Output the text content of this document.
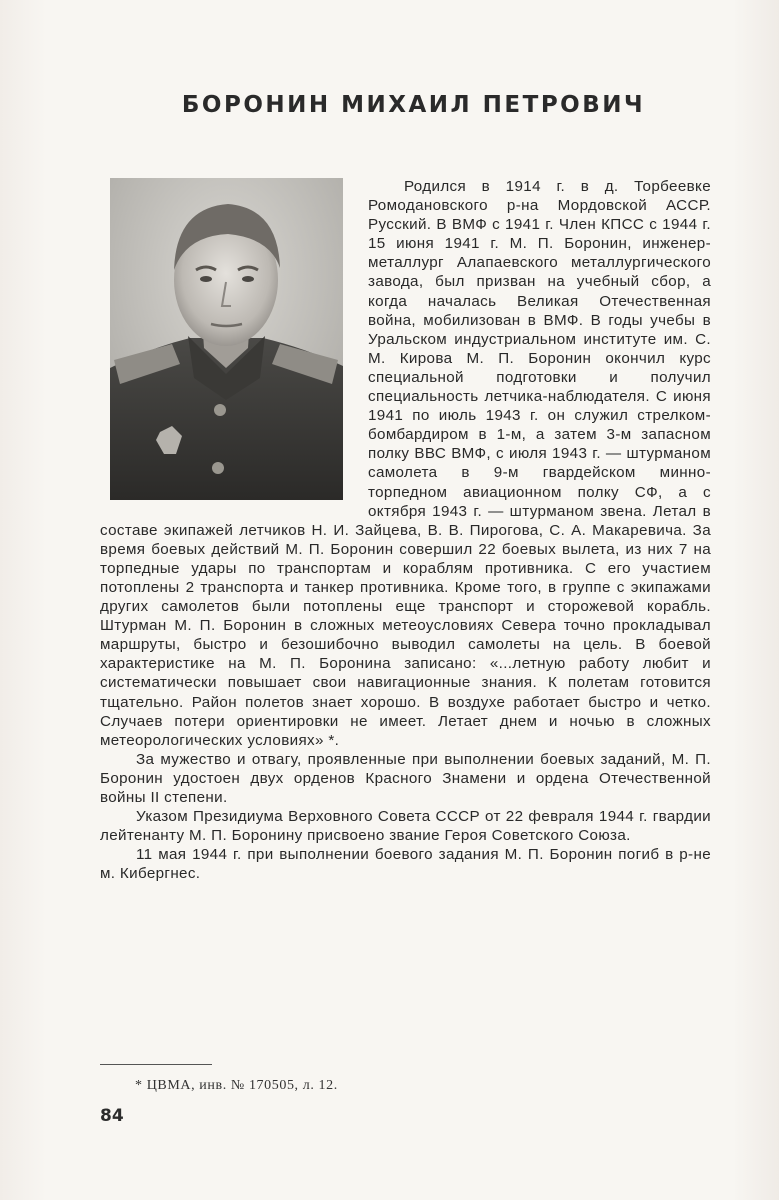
БОРОНИН МИХАИЛ ПЕТРОВИЧ

Родился в 1914 г. в д. Торбеевке Ромодановского р-на Мордовской АССР. Русский. В ВМФ с 1941 г. Член КПСС с 1944 г. 15 июня 1941 г. М. П. Боронин, инженер-металлург Алапаевского металлургического завода, был призван на учебный сбор, а когда началась Великая Отечественная война, мобилизован в ВМФ. В годы учебы в Уральском индустриальном институте им. С. М. Кирова М. П. Боронин окончил курс специальной подготовки и получил специальность летчика-наблюдателя. С июня 1941 по июль 1943 г. он служил стрелком-бомбардиром в 1-м, а затем 3-м запасном полку ВВС ВМФ, с июля 1943 г. — штурманом самолета в 9-м гвардейском минно-торпедном авиационном полку СФ, а с октября 1943 г. — штурманом звена. Летал в составе экипажей летчиков Н. И. Зайцева, В. В. Пирогова, С. А. Макаревича. За время боевых действий М. П. Боронин совершил 22 боевых вылета, из них 7 на торпедные удары по транспортам и кораблям противника. С его участием потоплены 2 транспорта и танкер противника. Кроме того, в группе с экипажами других самолетов были потоплены еще транспорт и сторожевой корабль. Штурман М. П. Боронин в сложных метеоусловиях Севера точно прокладывал маршруты, быстро и безошибочно выводил самолеты на цель. В боевой характеристике на М. П. Боронина записано: «...летную работу любит и систематически повышает свои навигационные знания. К полетам готовится тщательно. Район полетов знает хорошо. В воздухе работает быстро и четко. Случаев потери ориентировки не имеет. Летает днем и ночью в сложных метеорологических условиях» *.

За мужество и отвагу, проявленные при выполнении боевых заданий, М. П. Боронин удостоен двух орденов Красного Знамени и ордена Отечественной войны II степени.

Указом Президиума Верховного Совета СССР от 22 февраля 1944 г. гвардии лейтенанту М. П. Боронину присвоено звание Героя Советского Союза.

11 мая 1944 г. при выполнении боевого задания М. П. Боронин погиб в р-не м. Кибергнес.

* ЦВМА, инв. № 170505, л. 12.
84
